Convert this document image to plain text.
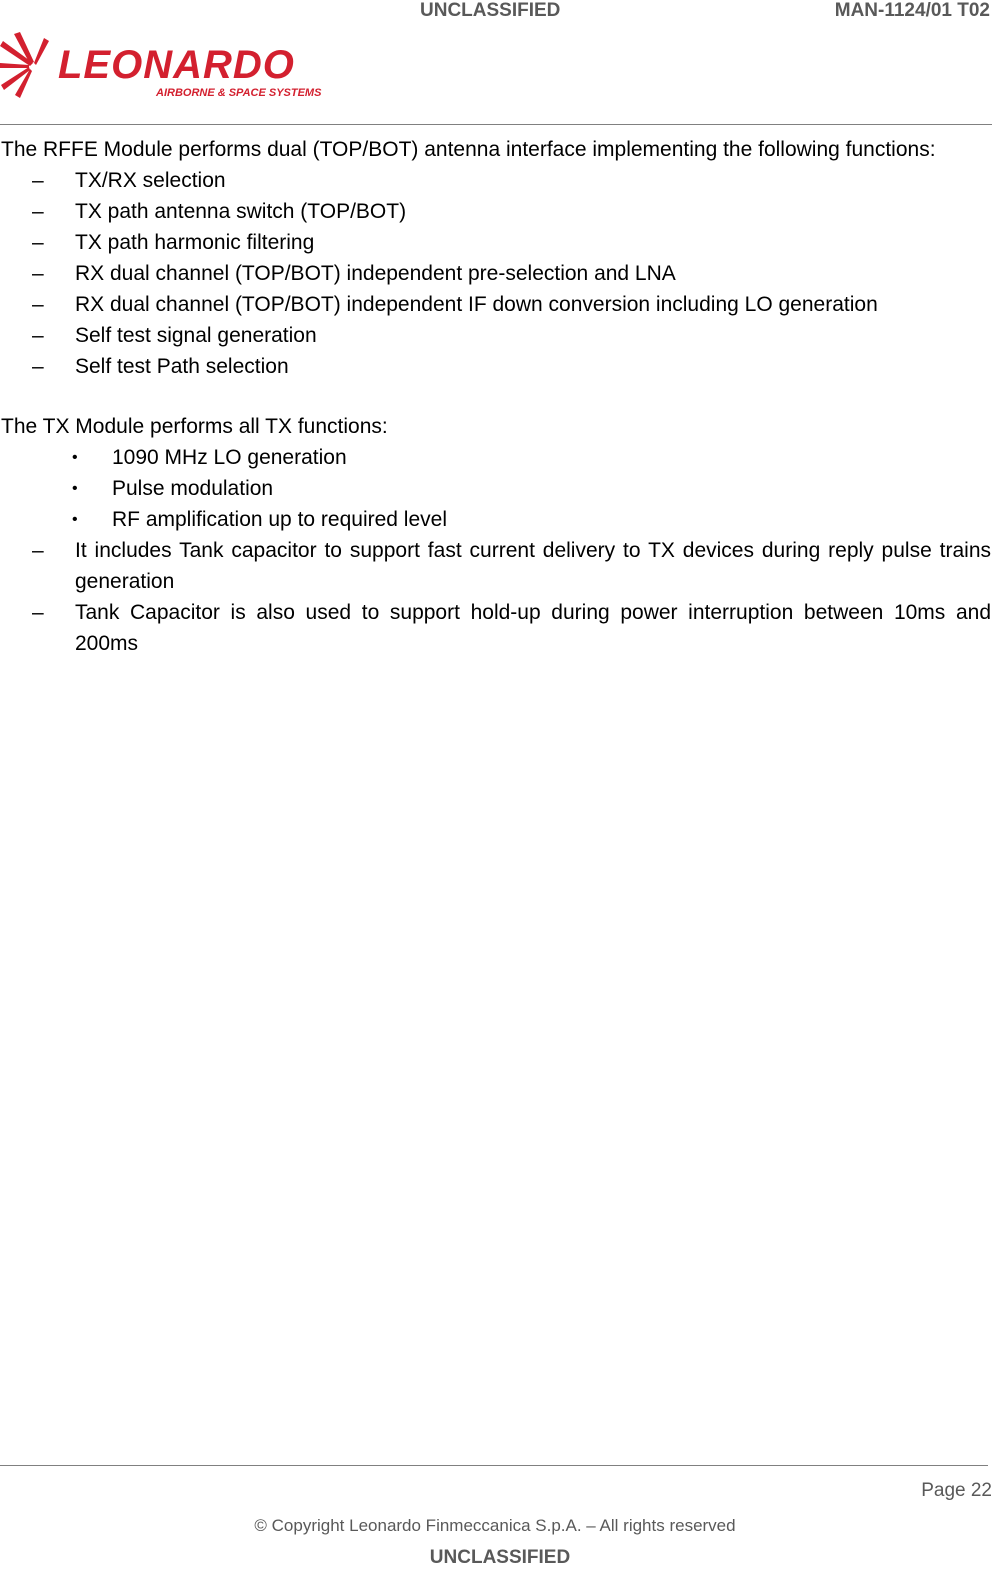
UNCLASSIFIED	MAN-1124/01 T02
LEONARDO
AIRBORNE & SPACE SYSTEMS

The RFFE Module performs dual (TOP/BOT) antenna interface implementing the following functions:

–	TX/RX selection
–	TX path antenna switch (TOP/BOT)
–	TX path harmonic filtering
–	RX dual channel (TOP/BOT) independent pre-selection and LNA
–	RX dual channel (TOP/BOT) independent IF down conversion including LO generation
–	Self test signal generation
–	Self test Path selection

The TX Module performs all TX functions:

• 1090 MHz LO generation
• Pulse modulation
• RF amplification up to required level
–	It includes Tank capacitor to support fast current delivery to TX devices during reply pulse trains generation
–	Tank Capacitor is also used to support hold-up during power interruption between 10ms and 200ms
Page 22
© Copyright Leonardo Finmeccanica S.p.A. – All rights reserved
UNCLASSIFIED
